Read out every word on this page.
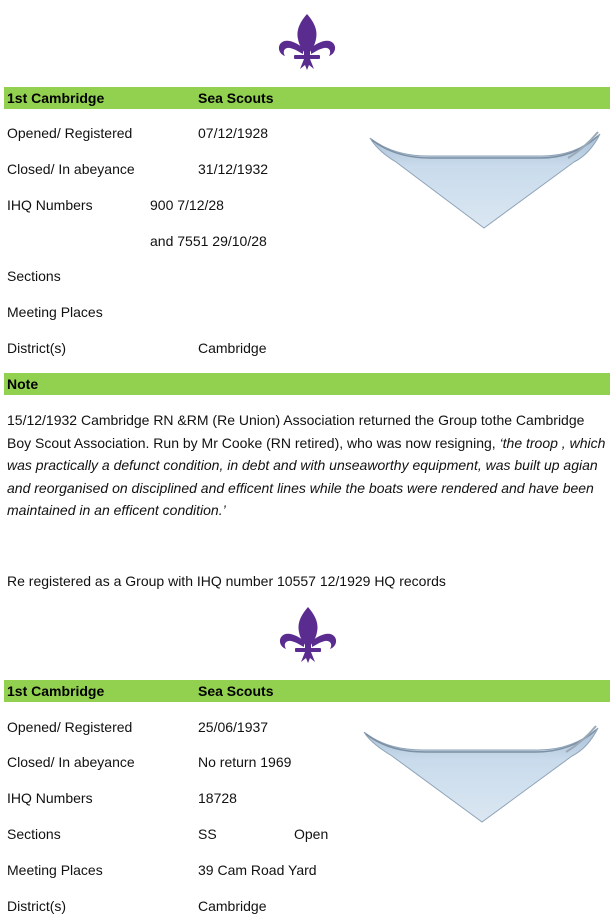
1st Cambridge	Sea Scouts
Opened/ Registered	07/12/1928
Closed/ In abeyance	31/12/1932
IHQ Numbers	900 7/12/28
and 7551 29/10/28
Sections
Meeting Places
District(s)	Cambridge
Note
15/12/1932 Cambridge RN &RM (Re Union) Association returned the Group tothe Cambridge Boy Scout Association. Run by Mr Cooke (RN retired), who was now resigning, ‘the troop , which was practically a defunct condition, in debt and with unseaworthy equipment, was built up agian and reorganised on disciplined and efficent lines while the boats were rendered and have been maintained in an efficent condition.’
Re registered as a Group with IHQ number 10557 12/1929 HQ records
1st Cambridge	Sea Scouts
Opened/ Registered	25/06/1937
Closed/ In abeyance	No return 1969
IHQ Numbers	18728
Sections	SS	Open
Meeting Places	39 Cam Road Yard
District(s)	Cambridge
